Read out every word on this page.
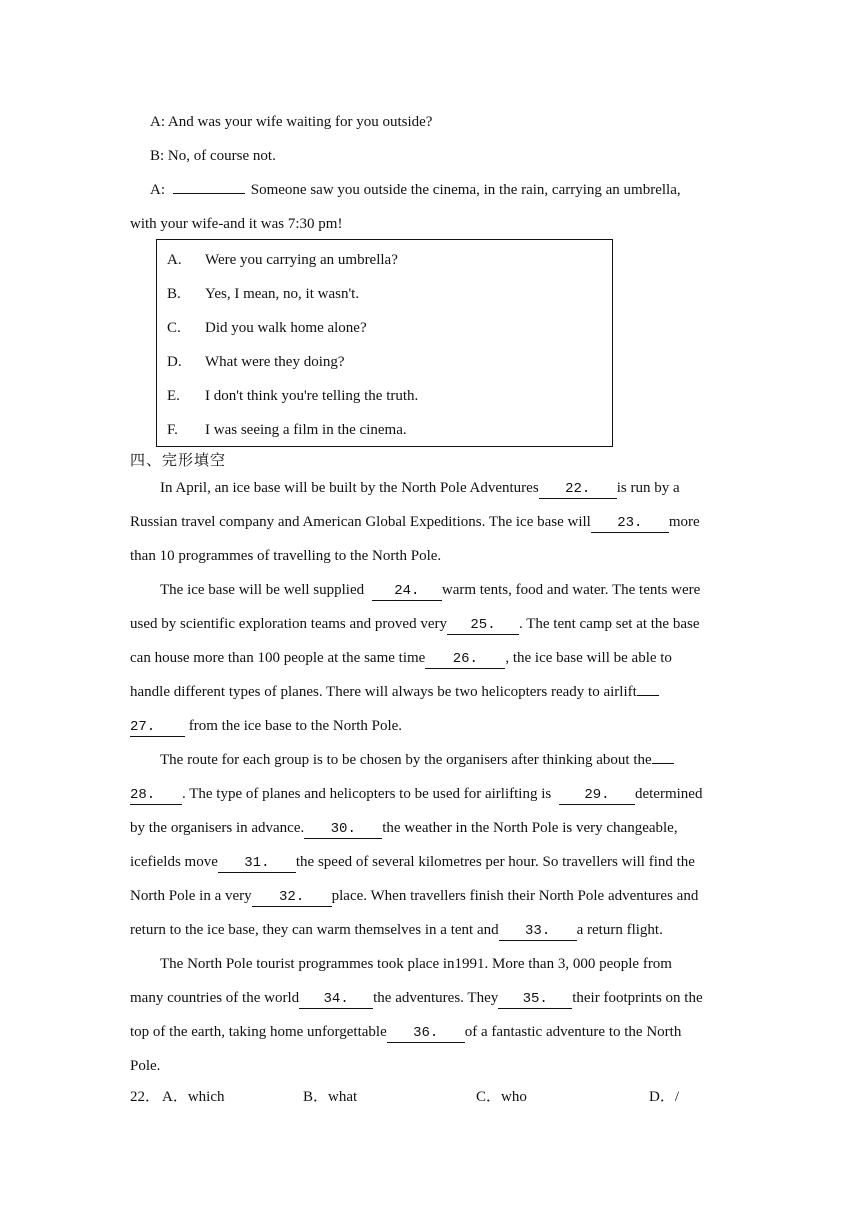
A: And was your wife waiting for you outside?
B: No, of course not.
A:	Someone saw you outside the cinema, in the rain, carrying an umbrella,
with your wife-and it was 7:30 pm!
A. Were you carrying an umbrella?
B. Yes, I mean, no, it wasn't.
C. Did you walk home alone?
D. What were they doing?
E. I don't think you're telling the truth.
F. I was seeing a film in the cinema.
四、完形填空
In April, an ice base will be built by the North Pole Adventures 22. is run by a
Russian travel company and American Global Expeditions. The ice base will 23. more
than 10 programmes of travelling to the North Pole.
The ice base will be well supplied 24. warm tents, food and water. The tents were
used by scientific exploration teams and proved very 25. . The tent camp set at the base
can house more than 100 people at the same time 26. , the ice base will be able to
handle different types of planes. There will always be two helicopters ready to airlift
27. from the ice base to the North Pole.
The route for each group is to be chosen by the organisers after thinking about the
28. . The type of planes and helicopters to be used for airlifting is 29. determined
by the organisers in advance. 30. the weather in the North Pole is very changeable,
icefields move 31. the speed of several kilometres per hour. So travellers will find the
North Pole in a very 32. place. When travellers finish their North Pole adventures and
return to the ice base, they can warm themselves in a tent and 33. a return flight.
The North Pole tourist programmes took place in1991. More than 3, 000 people from
many countries of the world 34. the adventures. They 35. their footprints on the
top of the earth, taking home unforgettable 36. of a fantastic adventure to the North
Pole.
22． A．which	B．what	C．who	D．/
